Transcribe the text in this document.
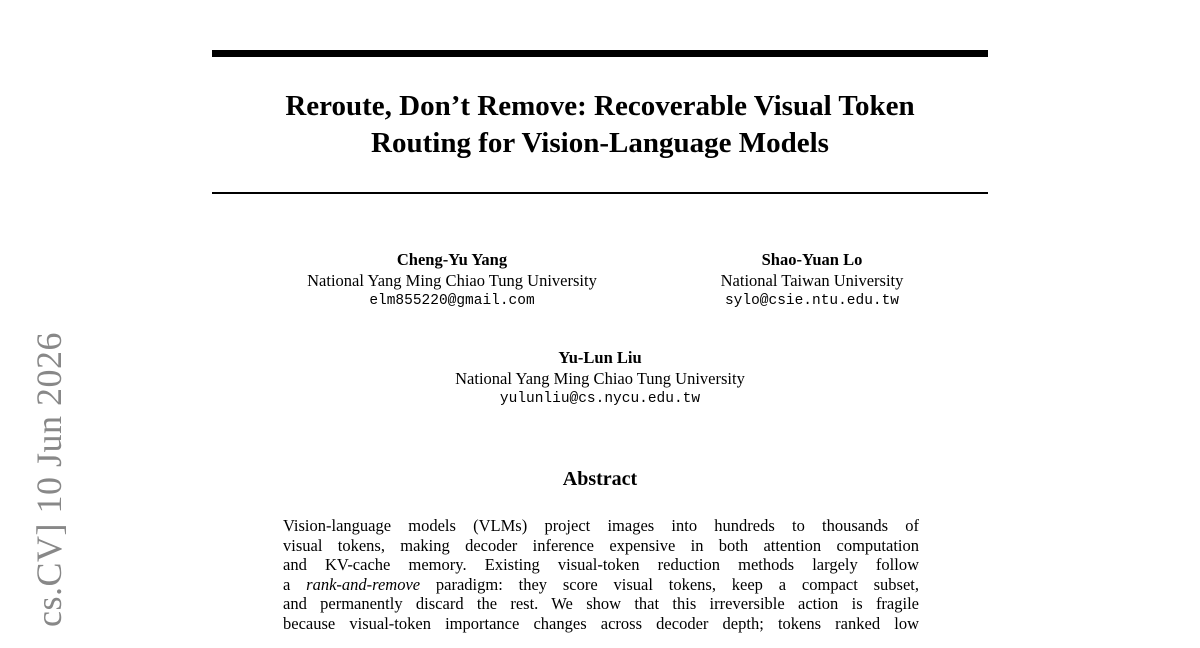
cs.CV] 10 Jun 2026
Reroute, Don’t Remove: Recoverable Visual Token
Routing for Vision-Language Models
Cheng-Yu Yang
National Yang Ming Chiao Tung University
elm855220@gmail.com
Shao-Yuan Lo
National Taiwan University
sylo@csie.ntu.edu.tw
Yu-Lun Liu
National Yang Ming Chiao Tung University
yulunliu@cs.nycu.edu.tw
Abstract
Vision-language models (VLMs) project images into hundreds to thousands of
visual tokens, making decoder inference expensive in both attention computation
and KV-cache memory. Existing visual-token reduction methods largely follow
a rank-and-remove paradigm: they score visual tokens, keep a compact subset,
and permanently discard the rest. We show that this irreversible action is fragile
because visual-token importance changes across decoder depth; tokens ranked low
